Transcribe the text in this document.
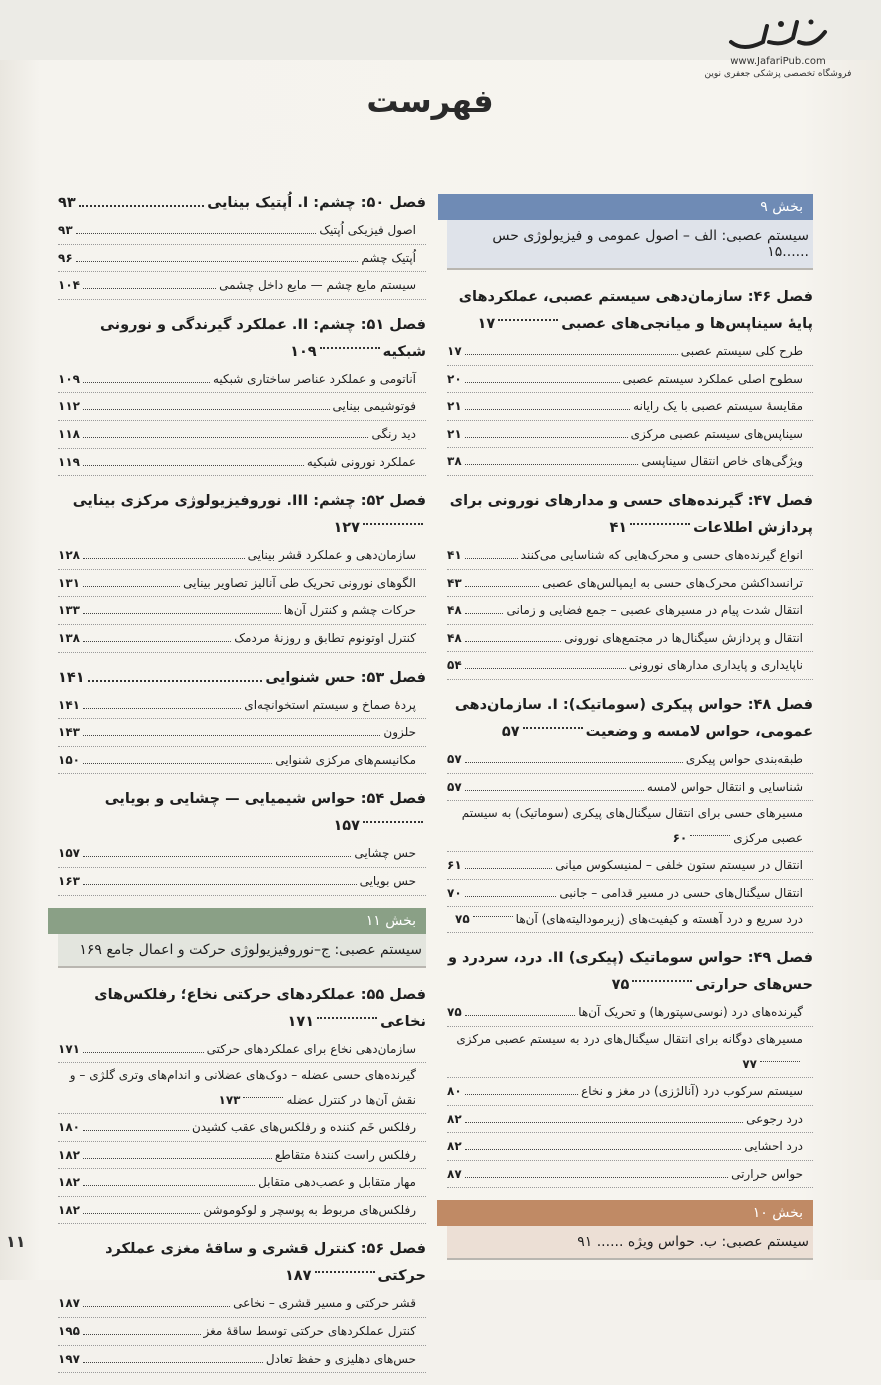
www.JafariPub.com
فروشگاه تخصصی پزشکی جعفری نوین
فهرست
بخش ۹
سیستم عصبی: الف – اصول عمومی و فیزیولوژی حس ......۱۵
فصل ۴۶: سازمان‌دهی سیستم عصبی، عملکردهای پایهٔ سیناپس‌ها و میانجی‌های عصبی۱۷
طرح کلی سیستم عصبی
۱۷
سطوح اصلی عملکرد سیستم عصبی
۲۰
مقایسهٔ سیستم عصبی با یک رایانه
۲۱
سیناپس‌های سیستم عصبی مرکزی
۲۱
ویژگی‌های خاص انتقال سیناپسی
۳۸
فصل ۴۷: گیرنده‌های حسی و مدارهای نورونی برای پردازش اطلاعات۴۱
انواع گیرنده‌های حسی و محرک‌هایی که شناسایی می‌کنند
۴۱
ترانسداکشن محرک‌های حسی به ایمپالس‌های عصبی
۴۳
انتقال شدت پیام در مسیرهای عصبی – جمع فضایی و زمانی
۴۸
انتقال و پردازش سیگنال‌ها در مجتمع‌های نورونی
۴۸
ناپایداری و پایداری مدارهای نورونی
۵۴
فصل ۴۸: حواس پیکری (سوماتیک): I. سازمان‌دهی عمومی، حواس لامسه و وضعیت۵۷
طبقه‌بندی حواس پیکری
۵۷
شناسایی و انتقال حواس لامسه
۵۷
مسیرهای حسی برای انتقال سیگنال‌های پیکری (سوماتیک) به سیستم عصبی مرکزی۶۰
انتقال در سیستم ستون خلفی – لمنیسکوس میانی
۶۱
انتقال سیگنال‌های حسی در مسیر قدامی – جانبی
۷۰
درد سریع و درد آهسته و کیفیت‌های (زیرمودالیته‌های) آن‌ها۷۵
فصل ۴۹: حواس سوماتیک (پیکری) II. درد، سردرد و حس‌های حرارتی۷۵
گیرنده‌های درد (نوسی‌سپتورها) و تحریک آن‌ها
۷۵
مسیرهای دوگانه برای انتقال سیگنال‌های درد به سیستم عصبی مرکزی۷۷
سیستم سرکوب درد (آنالژزی) در مغز و نخاع
۸۰
درد رجوعی
۸۲
درد احشایی
۸۲
حواس حرارتی
۸۷
بخش ۱۰
سیستم عصبی: ب. حواس ویژه ...... ۹۱
فصل ۵۰: چشم: I. اُپتیک بینایی
۹۳
اصول فیزیکی اُپتیک
۹۳
اُپتیک چشم
۹۶
سیستم مایع چشم — مایع داخل چشمی
۱۰۴
فصل ۵۱: چشم: II. عملکرد گیرندگی و نورونی شبکیه۱۰۹
آناتومی و عملکرد عناصر ساختاری شبکیه
۱۰۹
فوتوشیمی بینایی
۱۱۲
دید رنگی
۱۱۸
عملکرد نورونی شبکیه
۱۱۹
فصل ۵۲: چشم: III. نوروفیزیولوژی مرکزی بینایی۱۲۷
سازمان‌دهی و عملکرد قشر بینایی
۱۲۸
الگوهای نورونی تحریک طی آنالیز تصاویر بینایی
۱۳۱
حرکات چشم و کنترل آن‌ها
۱۳۳
کنترل اوتونوم تطابق و روزنهٔ مردمک
۱۳۸
فصل ۵۳: حس شنوایی
۱۴۱
پردهٔ صماخ و سیستم استخوانچه‌ای
۱۴۱
حلزون
۱۴۳
مکانیسم‌های مرکزی شنوایی
۱۵۰
فصل ۵۴: حواس شیمیایی — چشایی و بویایی۱۵۷
حس چشایی
۱۵۷
حس بویایی
۱۶۳
بخش ۱۱
سیستم عصبی: ج–نوروفیزیولوژی حرکت و اعمال جامع ۱۶۹
فصل ۵۵: عملکردهای حرکتی نخاع؛ رفلکس‌های نخاعی۱۷۱
سازمان‌دهی نخاع برای عملکردهای حرکتی
۱۷۱
گیرنده‌های حسی عضله – دوک‌های عضلانی و اندام‌های وتری گلژی – و نقش آن‌ها در کنترل عضله۱۷۳
رفلکس خَم کننده و رفلکس‌های عقب کشیدن
۱۸۰
رفلکس راست کنندهٔ متقاطع
۱۸۲
مهار متقابل و عصب‌دهی متقابل
۱۸۲
رفلکس‌های مربوط به پوسچر و لوکوموشن
۱۸۲
فصل ۵۶: کنترل قشری و ساقهٔ مغزی عملکرد حرکتی۱۸۷
قشر حرکتی و مسیر قشری – نخاعی
۱۸۷
کنترل عملکردهای حرکتی توسط ساقهٔ مغز
۱۹۵
حس‌های دهلیزی و حفظ تعادل
۱۹۷
۱۱
